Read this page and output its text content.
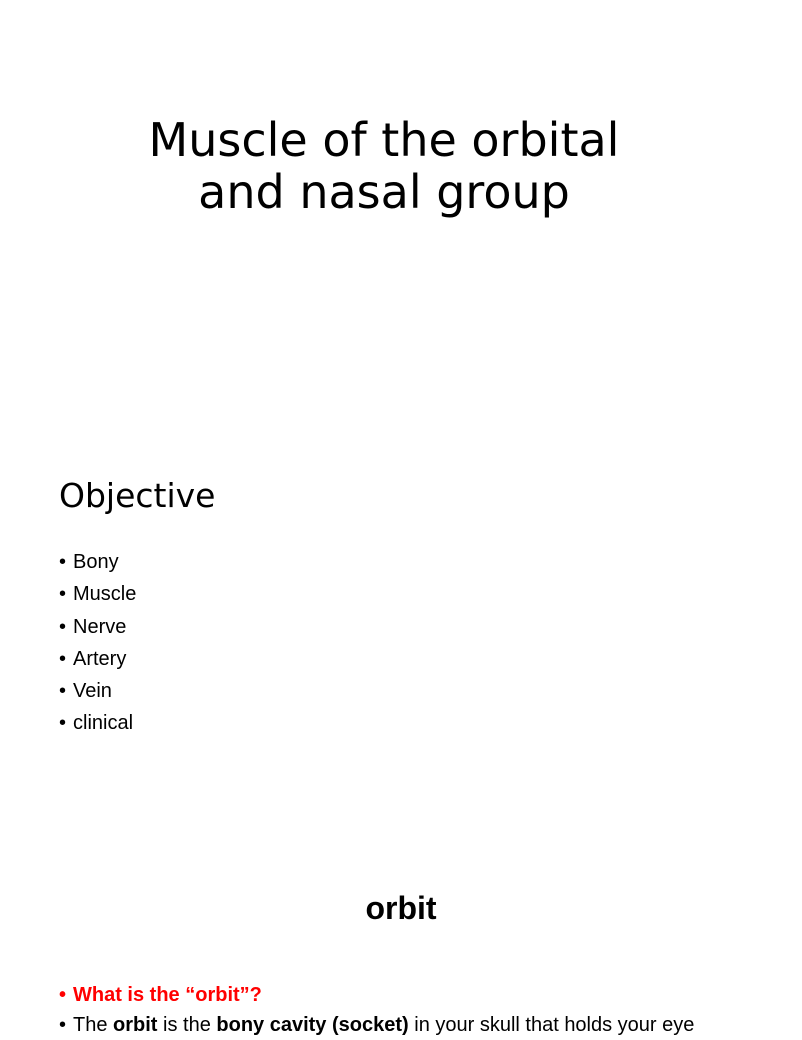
Muscle of the orbital
and nasal group
Objective
• Bony
• Muscle
• Nerve
• Artery
• Vein
• clinical
orbit
• What is the “orbit”?
• The orbit is the bony cavity (socket) in your skull that holds your eye
